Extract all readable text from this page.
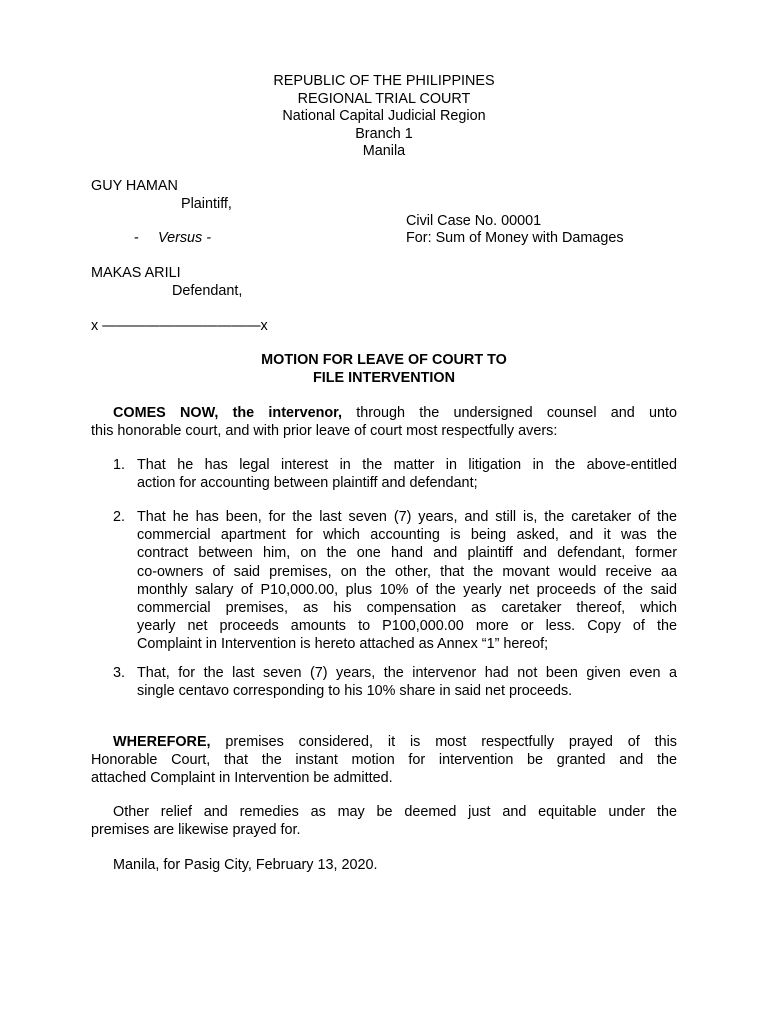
REPUBLIC OF THE PHILIPPINES
REGIONAL TRIAL COURT
National Capital Judicial Region
Branch 1
Manila
GUY HAMAN
Plaintiff,
Civil Case No. 00001
- Versus -	For: Sum of Money with Damages
MAKAS ARILI
Defendant,
x ———————————x
MOTION FOR LEAVE OF COURT TO
FILE INTERVENTION
COMES NOW, the intervenor, through the undersigned counsel and unto
this honorable court, and with prior leave of court most respectfully avers:
1. That he has legal interest in the matter in litigation in the above-entitled
action for accounting between plaintiff and defendant;
2. That he has been, for the last seven (7) years, and still is, the caretaker of the
commercial apartment for which accounting is being asked, and it was the
contract between him, on the one hand and plaintiff and defendant, former
co-owners of said premises, on the other, that the movant would receive aa
monthly salary of P10,000.00, plus 10% of the yearly net proceeds of the said
commercial premises, as his compensation as caretaker thereof, which
yearly net proceeds amounts to P100,000.00 more or less. Copy of the
Complaint in Intervention is hereto attached as Annex “1” hereof;
3. That, for the last seven (7) years, the intervenor had not been given even a
single centavo corresponding to his 10% share in said net proceeds.
WHEREFORE, premises considered, it is most respectfully prayed of this
Honorable Court, that the instant motion for intervention be granted and the
attached Complaint in Intervention be admitted.
Other relief and remedies as may be deemed just and equitable under the
premises are likewise prayed for.
Manila, for Pasig City, February 13, 2020.
